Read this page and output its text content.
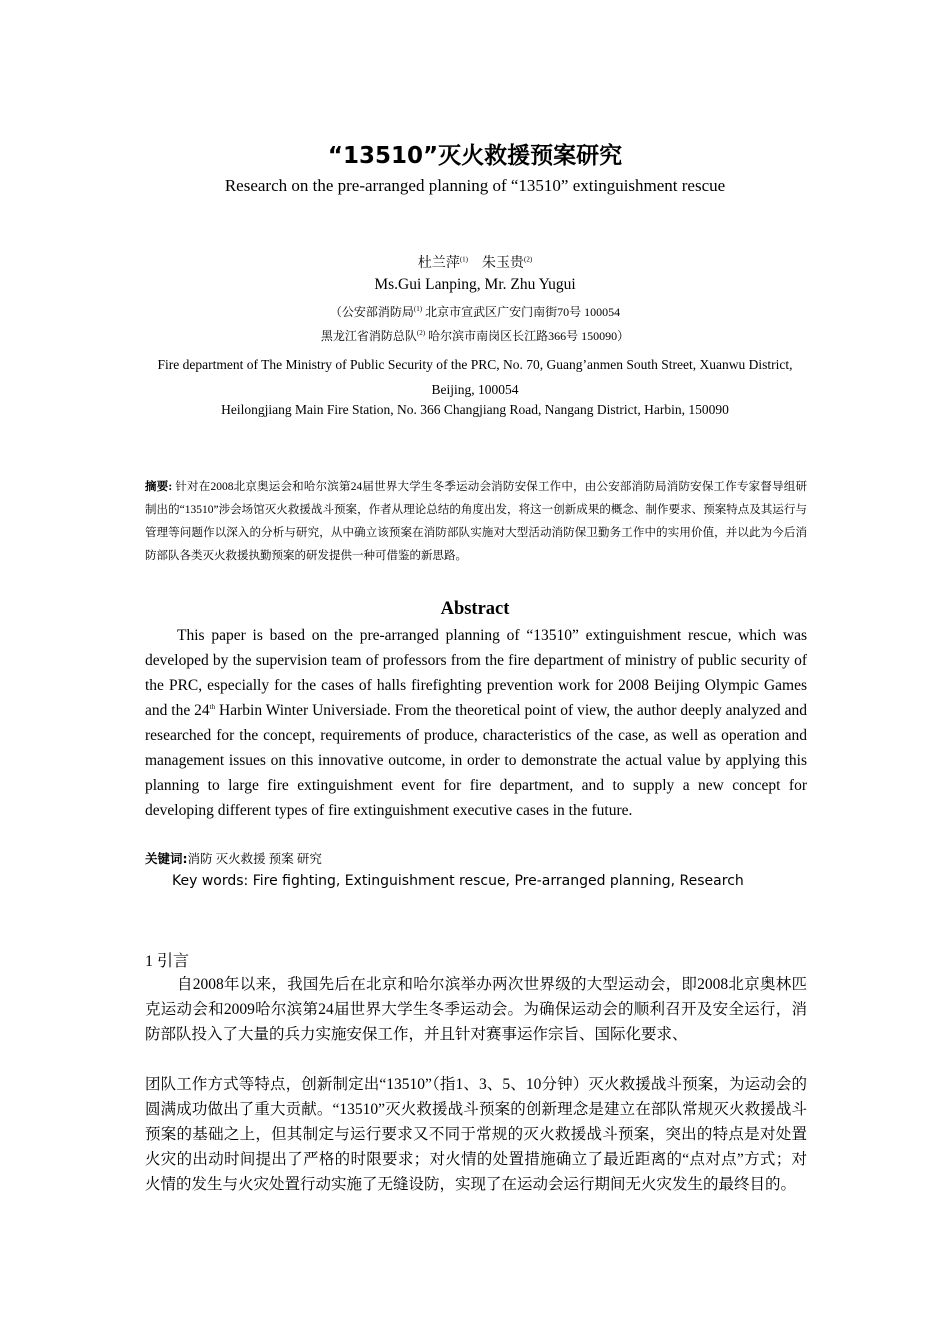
“13510”灭火救援预案研究
Research on the pre-arranged planning of “13510” extinguishment rescue
杜兰萍$^{(1)}$ 朱玉贵$^{(2)}$
Ms.Gui Lanping, Mr. Zhu Yugui
（公安部消防局$^{(1)}$ 北京市宣武区广安门南街70号 100054
黑龙江省消防总队$^{(2)}$ 哈尔滨市南岗区长江路366号 150090）
Fire department of The Ministry of Public Security of the PRC, No. 70, Guang’anmen South Street, Xuanwu District, Beijing, 100054
Heilongjiang Main Fire Station, No. 366 Changjiang Road, Nangang District, Harbin, 150090
摘要: 针对在2008北京奥运会和哈尔滨第24届世界大学生冬季运动会消防安保工作中，由公安部消防局消防安保工作专家督导组研制出的“13510”涉会场馆灭火救援战斗预案，作者从理论总结的角度出发，将这一创新成果的概念、制作要求、预案特点及其运行与管理等问题作以深入的分析与研究，从中确立该预案在消防部队实施对大型活动消防保卫勤务工作中的实用价值，并以此为今后消防部队各类灭火救援执勤预案的研发提供一种可借鉴的新思路。
Abstract

This paper is based on the pre-arranged planning of “13510” extinguishment rescue, which was developed by the supervision team of professors from the fire department of ministry of public security of the PRC, especially for the cases of halls firefighting prevention work for 2008 Beijing Olympic Games and the 24th Harbin Winter Universiade. From the theoretical point of view, the author deeply analyzed and researched for the concept, requirements of produce, characteristics of the case, as well as operation and management issues on this innovative outcome, in order to demonstrate the actual value by applying this planning to large fire extinguishment event for fire department, and to supply a new concept for developing different types of fire extinguishment executive cases in the future.

关键词:消防 灭火救援 预案 研究
Key words: Fire fighting, Extinguishment rescue, Pre-arranged planning, Research
1 引言

自2008年以来，我国先后在北京和哈尔滨举办两次世界级的大型运动会，即2008北京奥林匹克运动会和2009哈尔滨第24届世界大学生冬季运动会。为确保运动会的顺利召开及安全运行，消防部队投入了大量的兵力实施安保工作，并且针对赛事运作宗旨、国际化要求、

团队工作方式等特点，创新制定出“13510”（指1、3、5、10分钟）灭火救援战斗预案，为运动会的圆满成功做出了重大贡献。“13510”灭火救援战斗预案的创新理念是建立在部队常规灭火救援战斗预案的基础之上，但其制定与运行要求又不同于常规的灭火救援战斗预案，突出的特点是对处置火灾的出动时间提出了严格的时限要求；对火情的处置措施确立了最近距离的“点对点”方式；对火情的发生与火灾处置行动实施了无缝设防，实现了在运动会运行期间无火灾发生的最终目的。
